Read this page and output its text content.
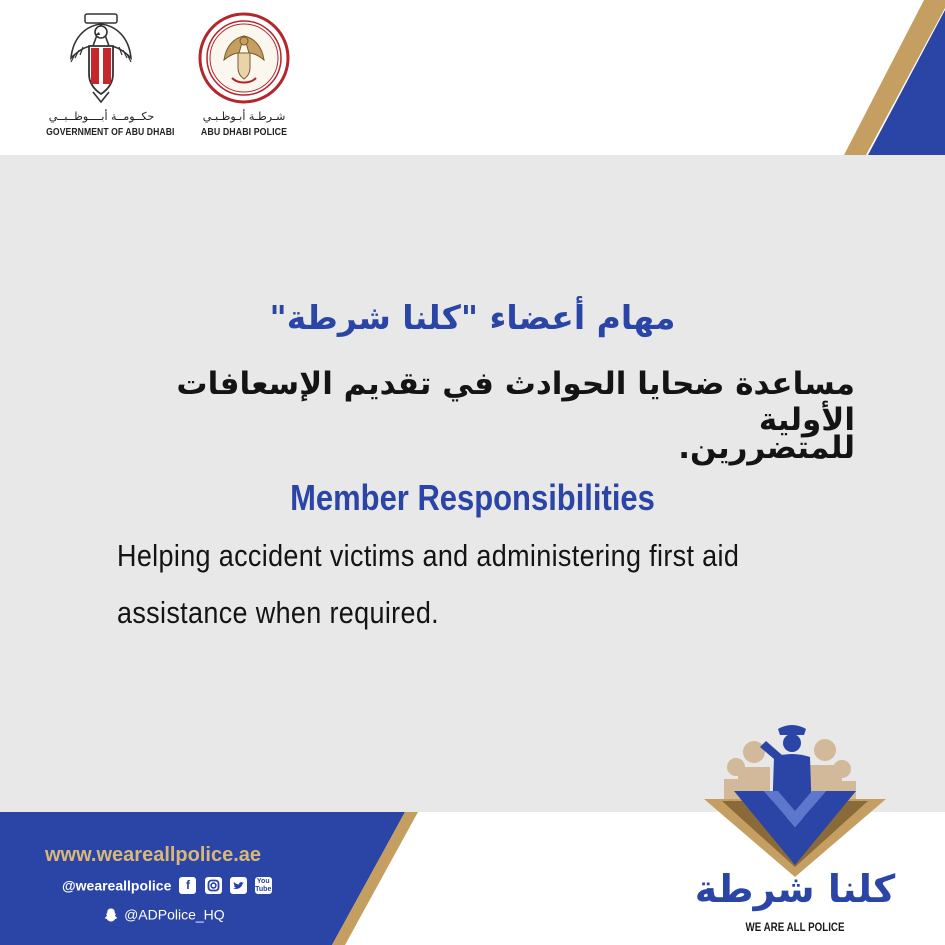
حكــومــة أبــــوظــبــي
GOVERNMENT OF ABU DHABI
شـرطـة أبـوظـبـي
ABU DHABI POLICE
مهام أعضاء "كلنا شرطة"
مساعدة ضحايا الحوادث في تقديم الإسعافات الأولية
للمتضررين.
Member Responsibilities
Helping accident victims and administering first aid
assistance when required.
www.weareallpolice.ae
@weareallpolice f
	You
Tube
@ADPolice_HQ
كلنا شرطة
WE ARE ALL POLICE
